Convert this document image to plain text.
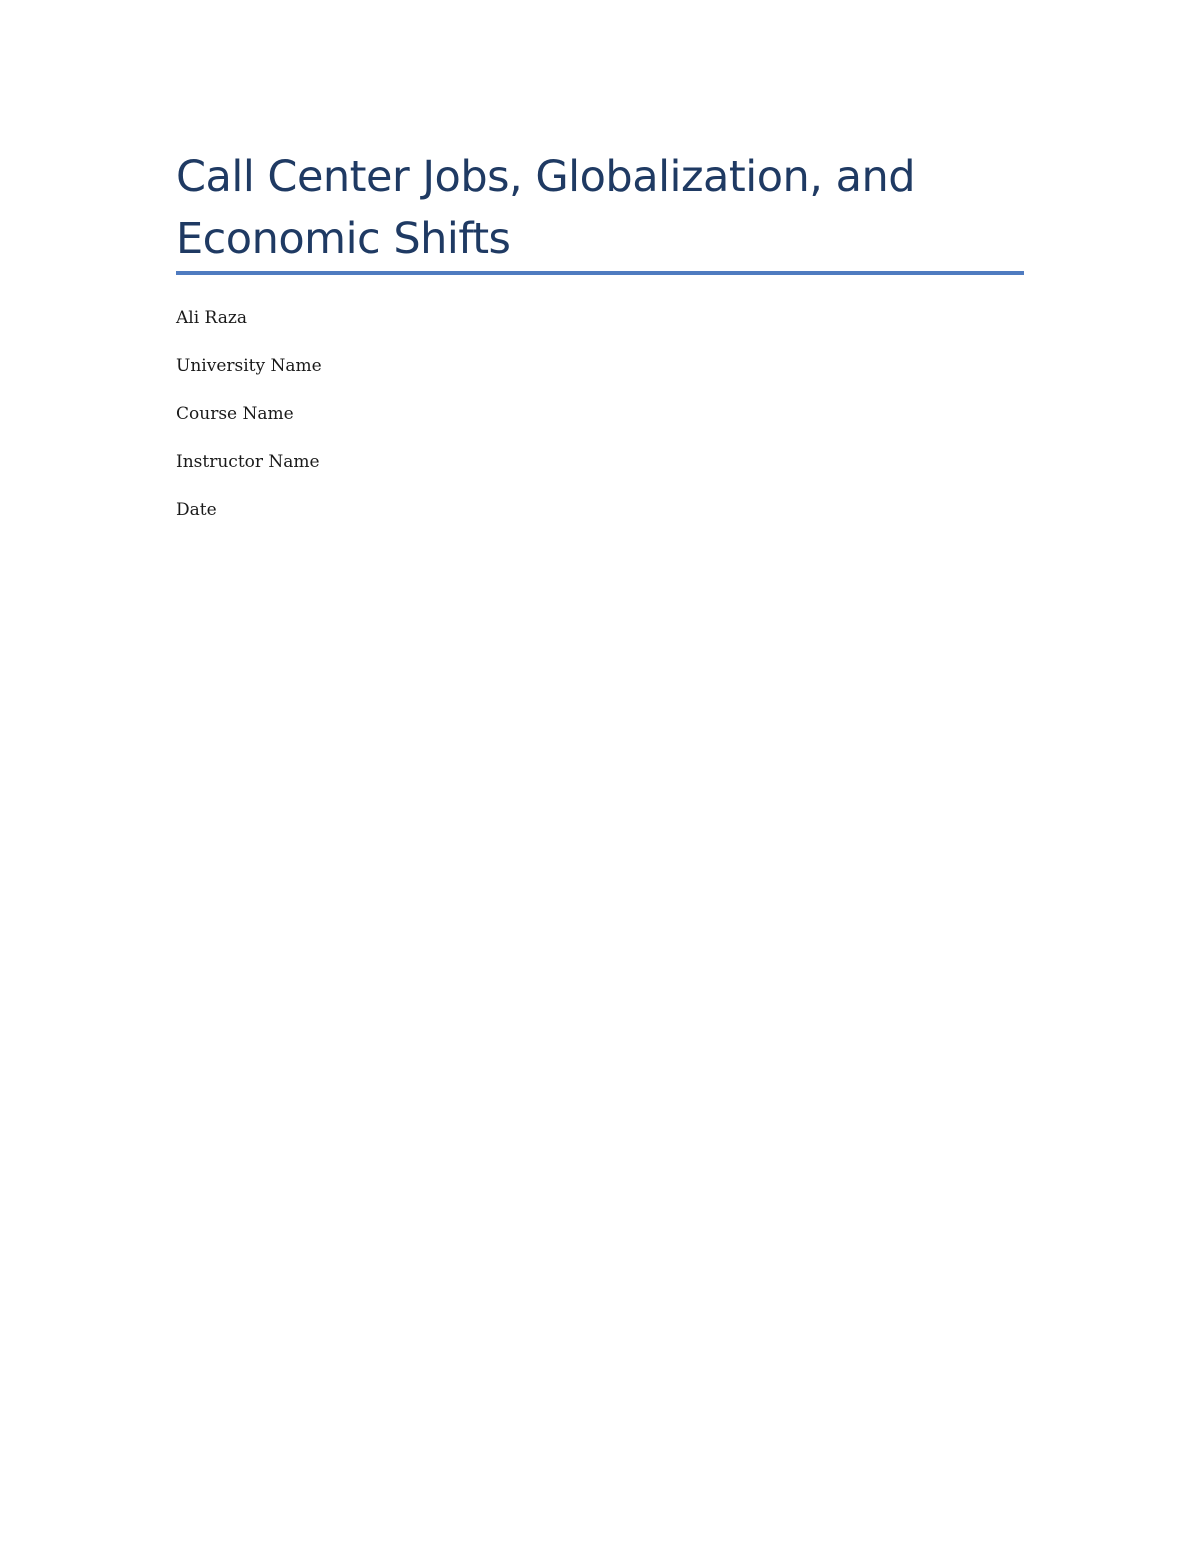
Call Center Jobs, Globalization, and Economic Shifts

Ali Raza

University Name

Course Name

Instructor Name

Date
